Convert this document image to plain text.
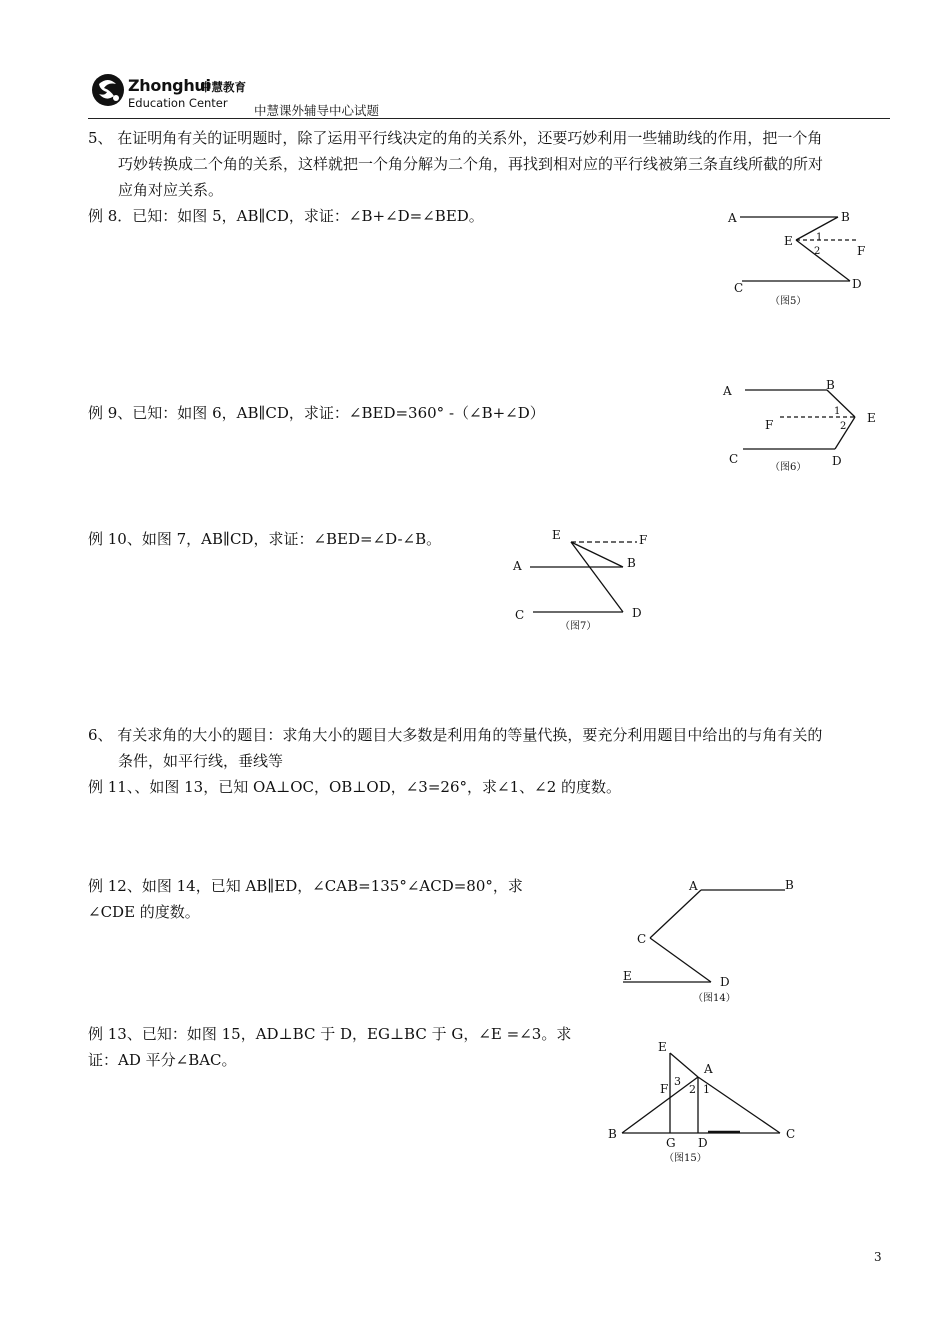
Zhonghui
中慧教育
Education Center 中慧课外辅导中心试题
5、 在证明角有关的证明题时，除了运用平行线决定的角的关系外，还要巧妙利用一些辅助线的作用，把一个角
巧妙转换成二个角的关系，这样就把一个角分解为二个角，再找到相对应的平行线被第三条直线所截的所对
应角对应关系。
例 8．已知：如图 5，AB∥CD，求证：∠B+∠D=∠BED。
例 9、已知：如图 6，AB∥CD，求证：∠BED=360° -（∠B+∠D）
例 10、如图 7，AB∥CD，求证：∠BED=∠D-∠B。
6、 有关求角的大小的题目：求角大小的题目大多数是利用角的等量代换，要充分利用题目中给出的与角有关的
条件，如平行线，垂线等
例 11、、如图 13，已知 OA⊥OC，OB⊥OD，∠3=26°，求∠1、∠2 的度数。
例 12、如图 14，已知 AB∥ED，∠CAB=135°∠ACD=80°，求
∠CDE 的度数。
例 13、已知：如图 15，AD⊥BC 于 D，EG⊥BC 于 G，∠E =∠3。求
证：AD 平分∠BAC。
A	B
E 1
2	F
C	D
（图5）
A	B
E
1
2
F
C	D
（图6）
E	F
A	B
C	D
（图7）
A	B
C
E	D
（图14）
E
A
F
3
2 1
B
G D
C
（图15）
3
